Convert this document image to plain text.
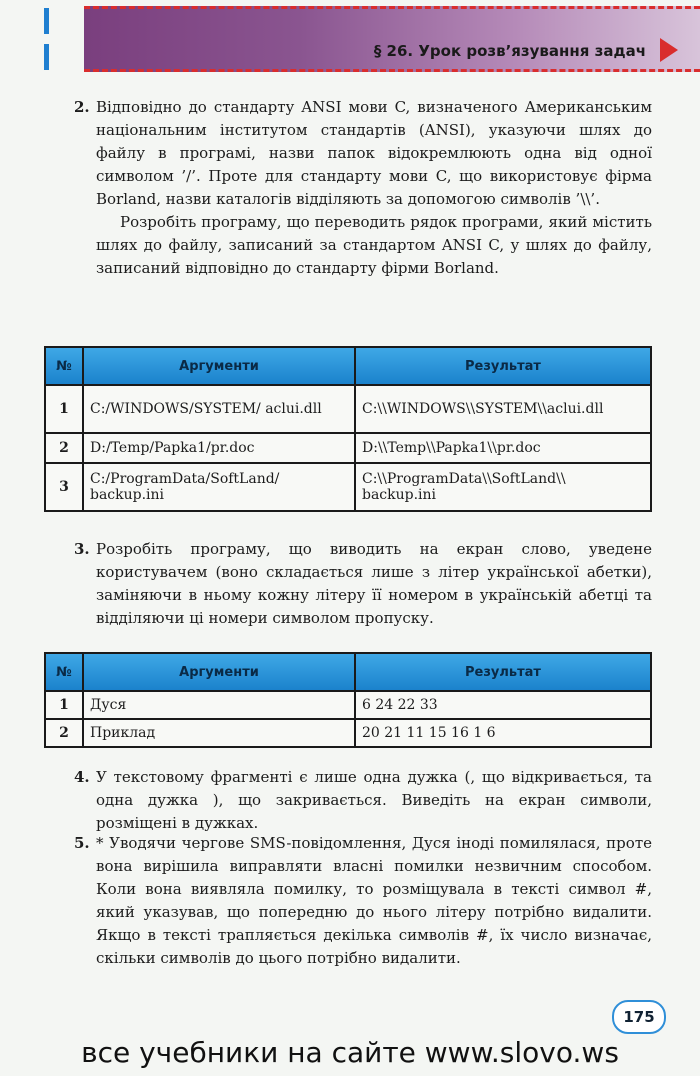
§ 26. Урок розв’язування задач

2. Відповідно до стандарту ANSI мови C, визначеного Американським національним інститутом стандартів (ANSI), указуючи шлях до файлу в програмі, назви папок відокремлюють одна від одної символом ’/’. Проте для стандарту мови C, що використовує фірма Borland, назви каталогів відділяють за допомогою символів ’\\’.

Розробіть програму, що переводить рядок програми, який містить шлях до файлу, записаний за стандартом ANSI C, у шлях до файлу, записаний відповідно до стандарту фірми Borland.

№	Аргументи	Результат
1	C:/WINDOWS/SYSTEM/ aclui.dll	C:\\WINDOWS\\SYSTEM\\aclui.dll
2	D:/Temp/Papka1/pr.doc	D:\\Temp\\Papka1\\pr.doc
3	C:/ProgramData/SoftLand/ backup.ini	C:\\ProgramData\\SoftLand\\ backup.ini

3. Розробіть програму, що виводить на екран слово, уведене користувачем (воно складається лише з літер української абетки), заміняючи в ньому кожну літеру її номером в українській абетці та відділяючи ці номери символом пропуску.

№	Аргументи	Результат
1	Дуся	6 24 22 33
2	Приклад	20 21 11 15 16 1 6

4. У текстовому фрагменті є лише одна дужка (, що відкривається, та одна дужка ), що закривається. Виведіть на екран символи, розміщені в дужках.

5. * Уводячи чергове SMS-повідомлення, Дуся іноді помилялася, проте вона вирішила виправляти власні помилки незвичним способом. Коли вона виявляла помилку, то розміщувала в тексті символ #, який указував, що попередню до нього літеру потрібно видалити. Якщо в тексті трапляється декілька символів #, їх число визначає, скільки символів до цього потрібно видалити.

175
все учебники на сайте www.slovo.ws
